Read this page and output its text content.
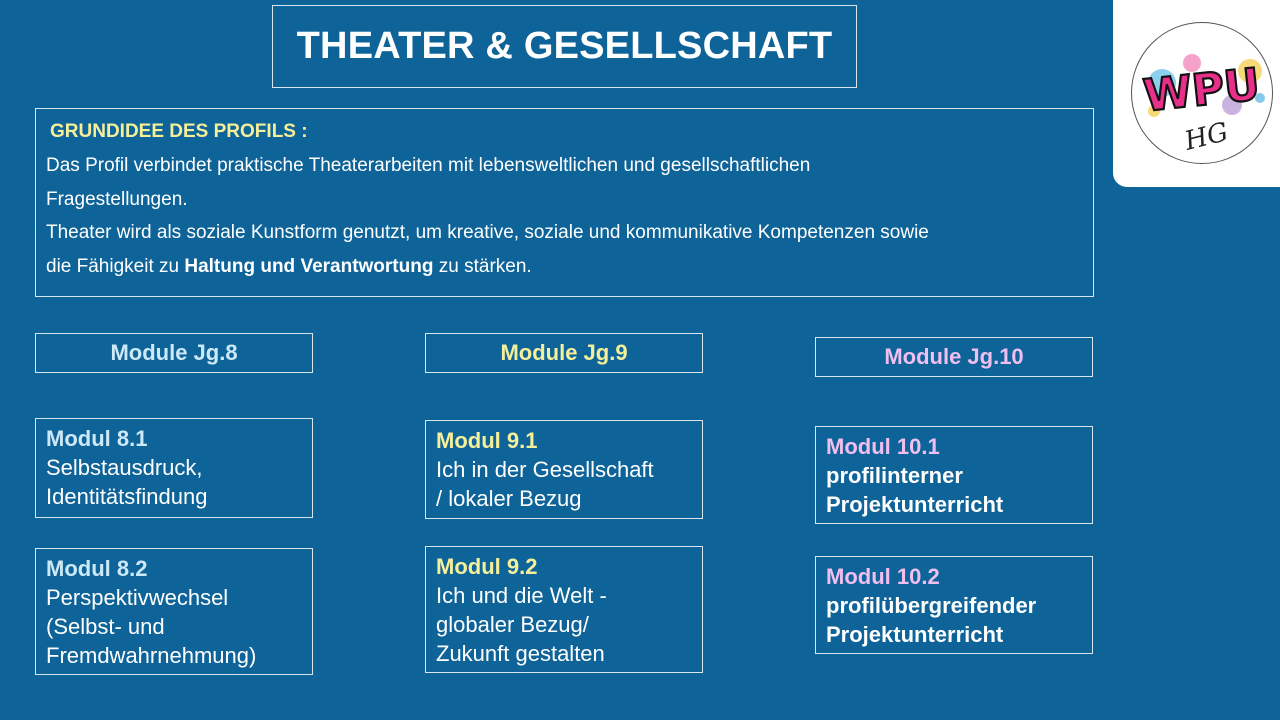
THEATER & GESELLSCHAFT
WPU
HG
GRUNDIDEE DES PROFILS :
Das Profil verbindet praktische Theaterarbeiten mit lebensweltlichen und gesellschaftlichen
Fragestellungen.
Theater wird als soziale Kunstform genutzt, um kreative, soziale und kommunikative Kompetenzen sowie
die Fähigkeit zu Haltung und Verantwortung zu stärken.
Module Jg.8	Module Jg.9	Module Jg.10
Modul 8.1
Selbstausdruck,
Identitätsfindung
Modul 8.2
Perspektivwechsel
(Selbst- und
Fremdwahrnehmung)
Modul 9.1
Ich in der Gesellschaft
/ lokaler Bezug
Modul 9.2
Ich und die Welt -
globaler Bezug/
Zukunft gestalten
Modul 10.1
profilinterner
Projektunterricht
Modul 10.2
profilübergreifender
Projektunterricht
